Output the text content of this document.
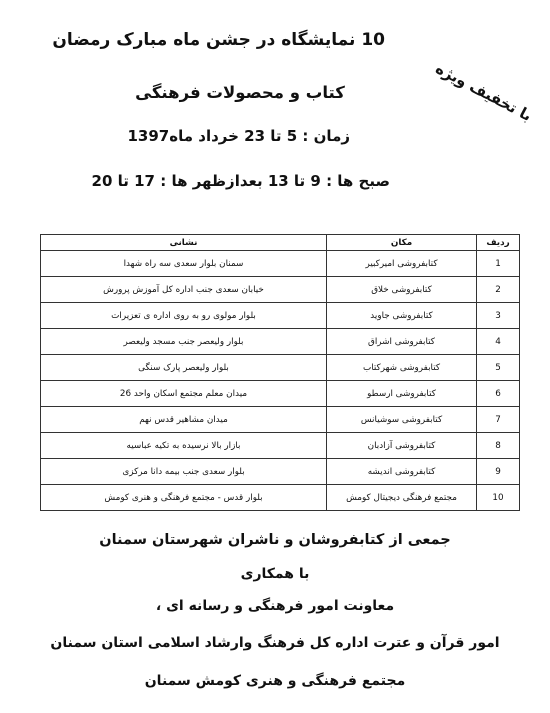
10 نمایشگاه در جشن ماه مبارک رمضان
با تخفیف ویژه
کتاب و محصولات فرهنگی
زمان : 5 تا 23 خرداد ماه1397
صبح ها : 9 تا 13 بعدازظهر ها : 17 تا 20
ردیف	مکان	نشانی
1	کتابفروشی امیرکبیر	سمنان بلوار سعدی سه راه شهدا
2	کتابفروشی خلاق	خیابان سعدی جنب اداره کل آموزش پرورش
3	کتابفروشی جاوید	بلوار مولوی رو به روی اداره ی تعزیرات
4	کتابفروشی اشراق	بلوار ولیعصر جنب مسجد ولیعصر
5	کتابفروشی شهرکتاب	بلوار ولیعصر پارک سنگی
6	کتابفروشی ارسطو	میدان معلم مجتمع اسکان واحد 26
7	کتابفروشی سوشیانس	میدان مشاهیر قدس نهم
8	کتابفروشی آزادبان	بازار بالا نرسیده به تکیه عباسیه
9	کتابفروشی اندیشه	بلوار سعدی جنب بیمه دانا مرکزی
10	مجتمع فرهنگی دیجیتال کومش	بلوار قدس - مجتمع فرهنگی و هنری کومش
جمعی از کتابفروشان و ناشران شهرستان سمنان
با همکاری
معاونت امور فرهنگی و رسانه ای ،
امور قرآن و عترت اداره کل فرهنگ وارشاد اسلامی استان سمنان
مجتمع فرهنگی و هنری کومش سمنان
